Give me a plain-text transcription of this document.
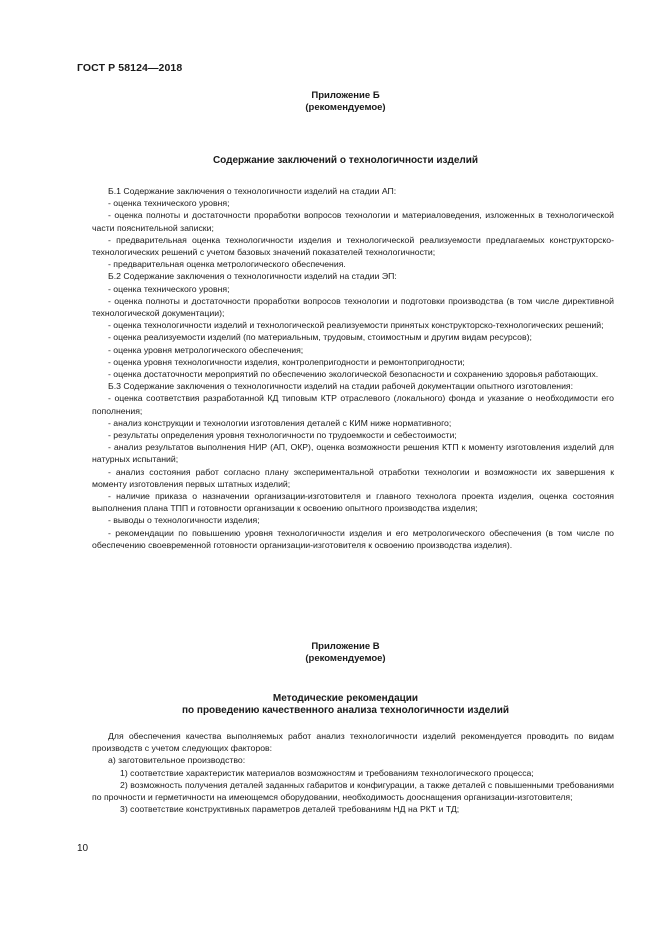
ГОСТ Р 58124—2018
Приложение Б
(рекомендуемое)
Содержание заключений о технологичности изделий

Б.1 Содержание заключения о технологичности изделий на стадии АП:

- оценка технического уровня;

- оценка полноты и достаточности проработки вопросов технологии и материаловедения, изложенных в технологической части пояснительной записки;

- предварительная оценка технологичности изделия и технологической реализуемости предлагаемых конструкторско-технологических решений с учетом базовых значений показателей технологичности;

- предварительная оценка метрологического обеспечения.

Б.2 Содержание заключения о технологичности изделий на стадии ЭП:

- оценка технического уровня;

- оценка полноты и достаточности проработки вопросов технологии и подготовки производства (в том числе директивной технологической документации);

- оценка технологичности изделий и технологической реализуемости принятых конструкторско-технологических решений;

- оценка реализуемости изделий (по материальным, трудовым, стоимостным и другим видам ресурсов);

- оценка уровня метрологического обеспечения;

- оценка уровня технологичности изделия, контролепригодности и ремонтопригодности;

- оценка достаточности мероприятий по обеспечению экологической безопасности и сохранению здоровья работающих.

Б.3 Содержание заключения о технологичности изделий на стадии рабочей документации опытного изготовления:

- оценка соответствия разработанной КД типовым КТР отраслевого (локального) фонда и указание о необходимости его пополнения;

- анализ конструкции и технологии изготовления деталей с КИМ ниже нормативного;

- результаты определения уровня технологичности по трудоемкости и себестоимости;

- анализ результатов выполнения НИР (АП, ОКР), оценка возможности решения КТП к моменту изготовления изделий для натурных испытаний;

- анализ состояния работ согласно плану экспериментальной отработки технологии и возможности их завершения к моменту изготовления первых штатных изделий;

- наличие приказа о назначении организации-изготовителя и главного технолога проекта изделия, оценка состояния выполнения плана ТПП и готовности организации к освоению опытного производства изделия;

- выводы о технологичности изделия;

- рекомендации по повышению уровня технологичности изделия и его метрологического обеспечения (в том числе по обеспечению своевременной готовности организации-изготовителя к освоению производства изделия).

Приложение В
(рекомендуемое)
Методические рекомендации
по проведению качественного анализа технологичности изделий

Для обеспечения качества выполняемых работ анализ технологичности изделий рекомендуется проводить по видам производств с учетом следующих факторов:

а) заготовительное производство:

1) соответствие характеристик материалов возможностям и требованиям технологического процесса;

2) возможность получения деталей заданных габаритов и конфигурации, а также деталей с повышенными требованиями по прочности и герметичности на имеющемся оборудовании, необходимость дооснащения организации-изготовителя;

3) соответствие конструктивных параметров деталей требованиям НД на РКТ и ТД;

10
